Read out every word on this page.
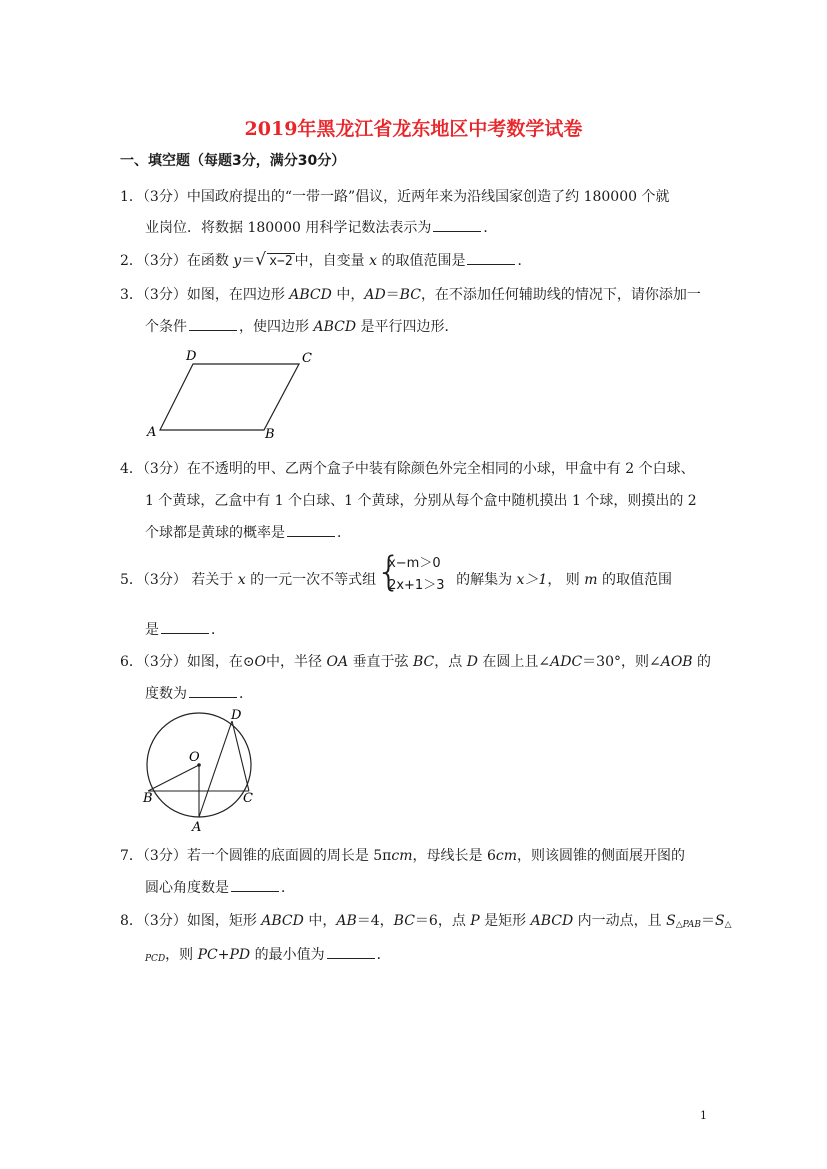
2019年黑龙江省龙东地区中考数学试卷
一、填空题（每题3分，满分30分）
1．（3分）中国政府提出的“一带一路”倡议，近两年来为沿线国家创造了约 180000 个就
业岗位．将数据 180000 用科学记数法表示为	．
2．（3分）在函数 y＝ √ x−2 中，自变量 x 的取值范围是	．
3．（3分）如图，在四边形 ABCD 中，AD＝BC，在不添加任何辅助线的情况下，请你添加一
个条件	，使四边形 ABCD 是平行四边形．
D	C
A	B
4．（3分）在不透明的甲、乙两个盒子中装有除颜色外完全相同的小球，甲盒中有 2 个白球、
1 个黄球，乙盒中有 1 个白球、1 个黄球，分别从每个盒中随机摸出 1 个球，则摸出的 2
个球都是黄球的概率是	．
5．（3分） 若关于 x 的一元一次不等式组 {
x−m＞0
2x+1＞3 的解集为 x＞1， 则 m 的取值范围
是	．
6．（3分）如图，在⊙O中，半径 OA 垂直于弦 BC，点 D 在圆上且∠ADC＝30°，则∠AOB 的
度数为	．
O
D
B	C
A
7．（3分）若一个圆锥的底面圆的周长是 5πcm，母线长是 6cm，则该圆锥的侧面展开图的
圆心角度数是	．
8．（3分）如图，矩形 ABCD 中，AB＝4，BC＝6，点 P 是矩形 ABCD 内一动点，且 $S_{\triangle PAB}=S_\triangle$
$_{PCD}$，则 PC+PD 的最小值为	．
1
